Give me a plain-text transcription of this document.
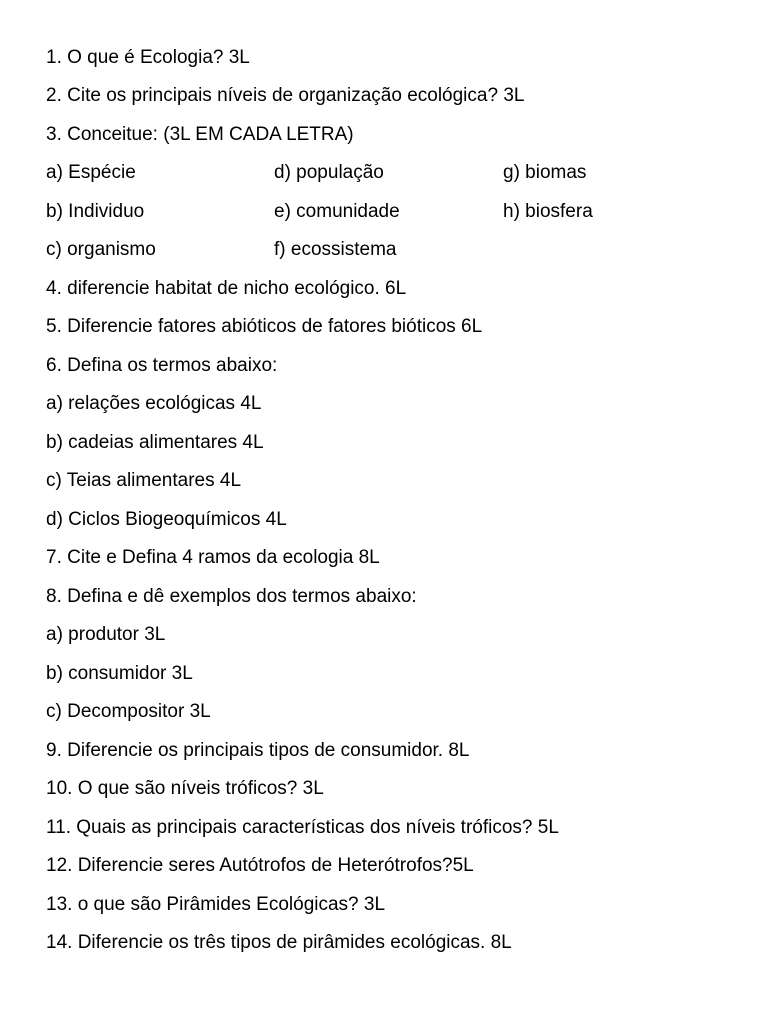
1. O que é Ecologia? 3L
2. Cite os principais níveis de organização ecológica? 3L
3. Conceitue: (3L EM CADA LETRA)
a) Espécie	d) população	g) biomas
b) Individuo	e) comunidade	h) biosfera
c) organismo	f) ecossistema
4. diferencie habitat de nicho ecológico. 6L
5. Diferencie fatores abióticos de fatores bióticos 6L
6. Defina os termos abaixo:
a) relações ecológicas 4L
b) cadeias alimentares 4L
c) Teias alimentares 4L
d) Ciclos Biogeoquímicos 4L
7. Cite e Defina 4 ramos da ecologia 8L
8. Defina e dê exemplos dos termos abaixo:
a) produtor 3L
b) consumidor 3L
c) Decompositor 3L
9. Diferencie os principais tipos de consumidor. 8L
10. O que são níveis tróficos? 3L
11. Quais as principais características dos níveis tróficos? 5L
12. Diferencie seres Autótrofos de Heterótrofos?5L
13. o que são Pirâmides Ecológicas? 3L
14. Diferencie os três tipos de pirâmides ecológicas. 8L
